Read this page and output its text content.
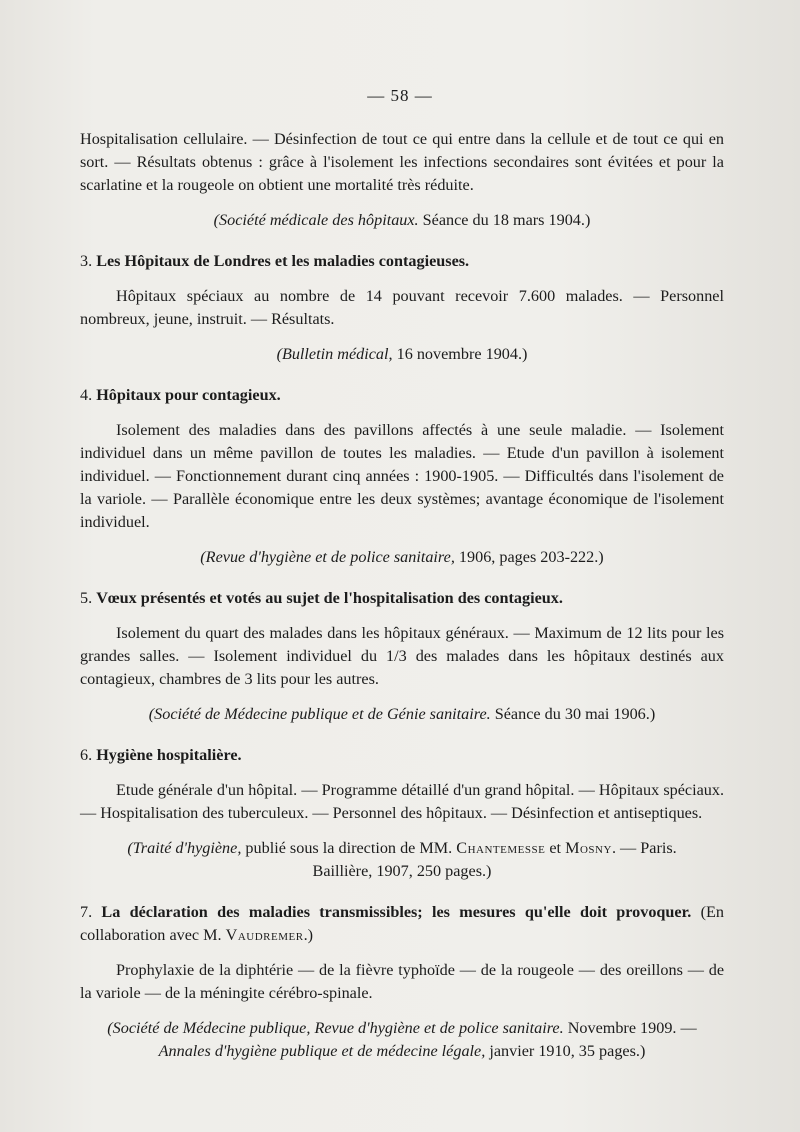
— 58 —

Hospitalisation cellulaire. — Désinfection de tout ce qui entre dans la cellule et de tout ce qui en sort. — Résultats obtenus : grâce à l'isolement les infections secondaires sont évitées et pour la scarlatine et la rougeole on obtient une mortalité très réduite.

(Société médicale des hôpitaux. Séance du 18 mars 1904.)

3. Les Hôpitaux de Londres et les maladies contagieuses.

Hôpitaux spéciaux au nombre de 14 pouvant recevoir 7.600 malades. — Personnel nombreux, jeune, instruit. — Résultats.

(Bulletin médical, 16 novembre 1904.)

4. Hôpitaux pour contagieux.

Isolement des maladies dans des pavillons affectés à une seule maladie. — Isolement individuel dans un même pavillon de toutes les maladies. — Etude d'un pavillon à isolement individuel. — Fonctionnement durant cinq années : 1900-1905. — Difficultés dans l'isolement de la variole. — Parallèle économique entre les deux systèmes; avantage économique de l'isolement individuel.

(Revue d'hygiène et de police sanitaire, 1906, pages 203-222.)

5. Vœux présentés et votés au sujet de l'hospitalisation des contagieux.

Isolement du quart des malades dans les hôpitaux généraux. — Maximum de 12 lits pour les grandes salles. — Isolement individuel du 1/3 des malades dans les hôpitaux destinés aux contagieux, chambres de 3 lits pour les autres.

(Société de Médecine publique et de Génie sanitaire. Séance du 30 mai 1906.)

6. Hygiène hospitalière.

Etude générale d'un hôpital. — Programme détaillé d'un grand hôpital. — Hôpitaux spéciaux. — Hospitalisation des tuberculeux. — Personnel des hôpitaux. — Désinfection et antiseptiques.

(Traité d'hygiène, publié sous la direction de MM. Chantemesse et Mosny. — Paris.
Baillière, 1907, 250 pages.)

7. La déclaration des maladies transmissibles; les mesures qu'elle doit provoquer. (En collaboration avec M. Vaudremer.)

Prophylaxie de la diphtérie — de la fièvre typhoïde — de la rougeole — des oreillons — de la variole — de la méningite cérébro-spinale.

(Société de Médecine publique, Revue d'hygiène et de police sanitaire. Novembre 1909. —
Annales d'hygiène publique et de médecine légale, janvier 1910, 35 pages.)
